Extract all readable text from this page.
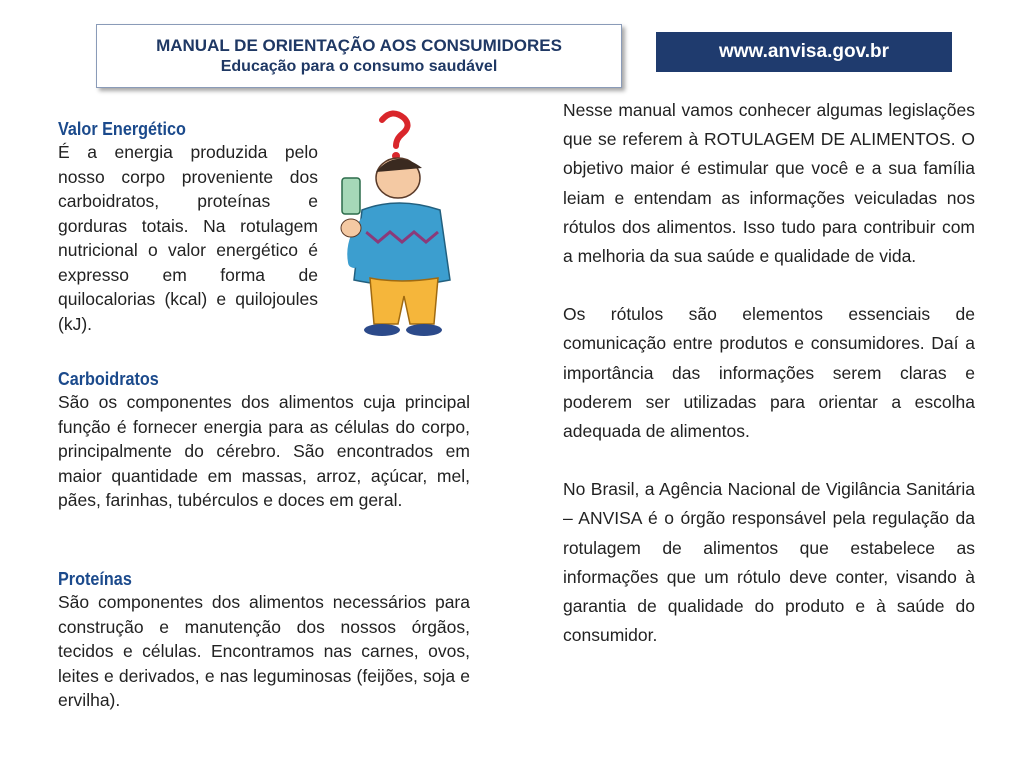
MANUAL DE ORIENTAÇÃO AOS CONSUMIDORES
Educação para o consumo saudável
www.anvisa.gov.br
Valor Energético

É a energia produzida pelo nosso corpo proveniente dos carboidratos, proteínas e gorduras totais. Na rotulagem nutricional o valor energético é expresso em forma de quilocalorias (kcal) e quilojoules (kJ).

Carboidratos

São os componentes dos alimentos cuja principal função é fornecer energia para as células do corpo, principalmente do cérebro. São encontrados em maior quantidade em massas, arroz, açúcar, mel, pães, farinhas, tubérculos e doces em geral.

Proteínas

São componentes dos alimentos necessários para construção e manutenção dos nossos órgãos, tecidos e células. Encontramos nas carnes, ovos, leites e derivados, e nas leguminosas (feijões, soja e ervilha).

Nesse manual vamos conhecer algumas legislações que se referem à ROTULAGEM DE ALIMENTOS. O objetivo maior é estimular que você e a sua família leiam e entendam as informações veiculadas nos rótulos dos alimentos. Isso tudo para contribuir com a melhoria da sua saúde e qualidade de vida.

Os rótulos são elementos essenciais de comunicação entre produtos e consumidores. Daí a importância das informações serem claras e poderem ser utilizadas para orientar a escolha adequada de alimentos.

No Brasil, a Agência Nacional de Vigilância Sanitária – ANVISA é o órgão responsável pela regulação da rotulagem de alimentos que estabelece as informações que um rótulo deve conter, visando à garantia de qualidade do produto e à saúde do consumidor.
